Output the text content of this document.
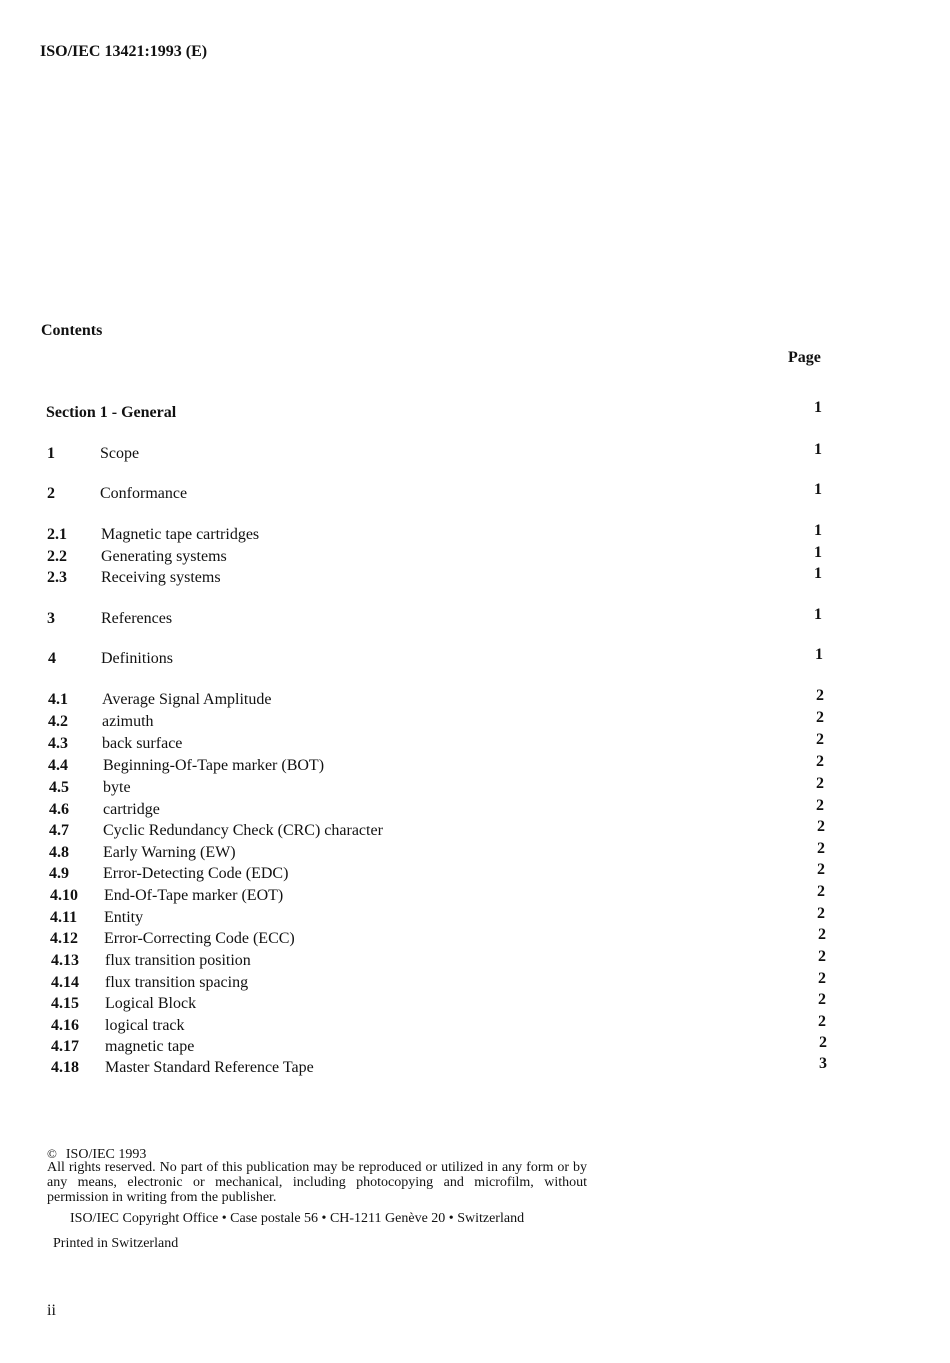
ISO/IEC 13421:1993 (E)
Contents
Page
Section 1 - General	1
1	Scope	1
2	Conformance	1
2.1 Magnetic tape cartridges	1
2.2 Generating systems	1
2.3 Receiving systems	1
3	References	1
4	Definitions	1
4.1 Average Signal Amplitude	2
4.2 azimuth	2
4.3 back surface	2
4.4 Beginning-Of-Tape marker (BOT)	2
4.5 byte	2
4.6 cartridge	2
4.7 Cyclic Redundancy Check (CRC) character	2
4.8 Early Warning (EW)	2
4.9 Error-Detecting Code (EDC)	2
4.10 End-Of-Tape marker (EOT)	2
4.11 Entity	2
4.12 Error-Correcting Code (ECC)	2
4.13 flux transition position	2
4.14 flux transition spacing	2
4.15 Logical Block	2
4.16 logical track	2
4.17 magnetic tape	2
4.18 Master Standard Reference Tape	3
© ISO/IEC 1993
All rights reserved. No part of this publication may be reproduced or utilized in any form or by any means, electronic or mechanical, including photocopying and microfilm, without permission in writing from the publisher.
ISO/IEC Copyright Office • Case postale 56 • CH-1211 Genève 20 • Switzerland
Printed in Switzerland
ii
